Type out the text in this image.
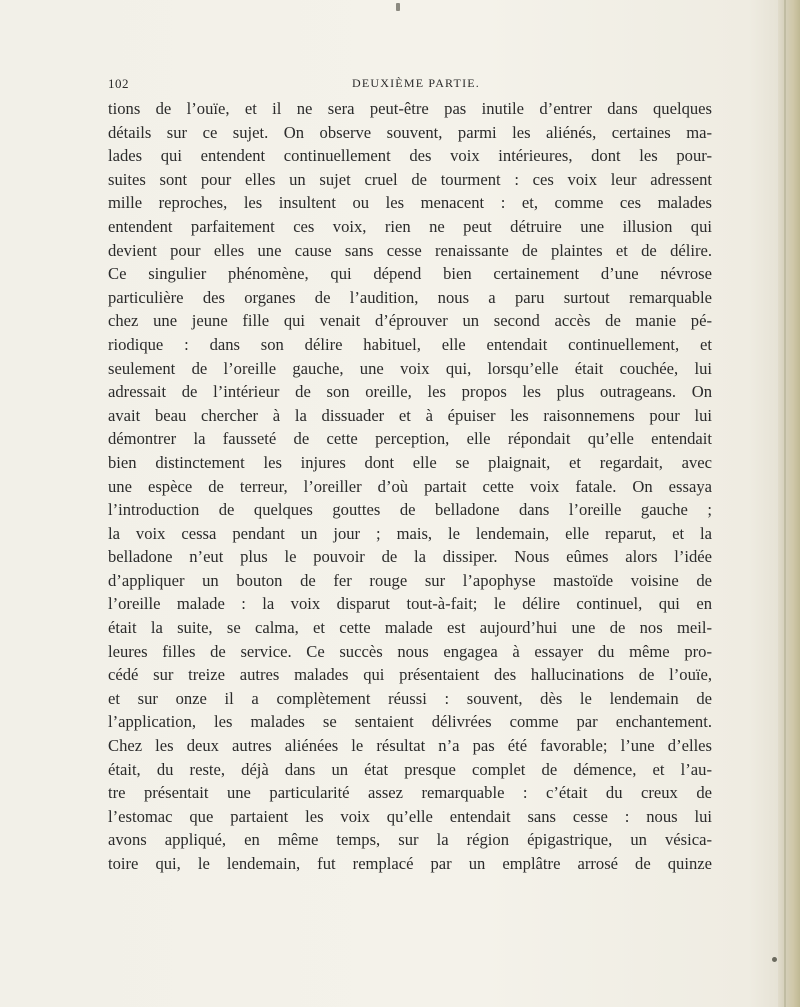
102	DEUXIÈME PARTIE.
tions de l’ouïe, et il ne sera peut-être pas inutile d’entrer dans quelques
détails sur ce sujet. On observe souvent, parmi les aliénés, certaines ma-
lades qui entendent continuellement des voix intérieures, dont les pour-
suites sont pour elles un sujet cruel de tourment : ces voix leur adressent
mille reproches, les insultent ou les menacent : et, comme ces malades
entendent parfaitement ces voix, rien ne peut détruire une illusion qui
devient pour elles une cause sans cesse renaissante de plaintes et de délire.
Ce singulier phénomène, qui dépend bien certainement d’une névrose
particulière des organes de l’audition, nous a paru surtout remarquable
chez une jeune fille qui venait d’éprouver un second accès de manie pé-
riodique : dans son délire habituel, elle entendait continuellement, et
seulement de l’oreille gauche, une voix qui, lorsqu’elle était couchée, lui
adressait de l’intérieur de son oreille, les propos les plus outrageans. On
avait beau chercher à la dissuader et à épuiser les raisonnemens pour lui
démontrer la fausseté de cette perception, elle répondait qu’elle entendait
bien distinctement les injures dont elle se plaignait, et regardait, avec
une espèce de terreur, l’oreiller d’où partait cette voix fatale. On essaya
l’introduction de quelques gouttes de belladone dans l’oreille gauche ;
la voix cessa pendant un jour ; mais, le lendemain, elle reparut, et la
belladone n’eut plus le pouvoir de la dissiper. Nous eûmes alors l’idée
d’appliquer un bouton de fer rouge sur l’apophyse mastoïde voisine de
l’oreille malade : la voix disparut tout-à-fait; le délire continuel, qui en
était la suite, se calma, et cette malade est aujourd’hui une de nos meil-
leures filles de service. Ce succès nous engagea à essayer du même pro-
cédé sur treize autres malades qui présentaient des hallucinations de l’ouïe,
et sur onze il a complètement réussi : souvent, dès le lendemain de
l’application, les malades se sentaient délivrées comme par enchantement.
Chez les deux autres aliénées le résultat n’a pas été favorable; l’une d’elles
était, du reste, déjà dans un état presque complet de démence, et l’au-
tre présentait une particularité assez remarquable : c’était du creux de
l’estomac que partaient les voix qu’elle entendait sans cesse : nous lui
avons appliqué, en même temps, sur la région épigastrique, un vésica-
toire qui, le lendemain, fut remplacé par un emplâtre arrosé de quinze
